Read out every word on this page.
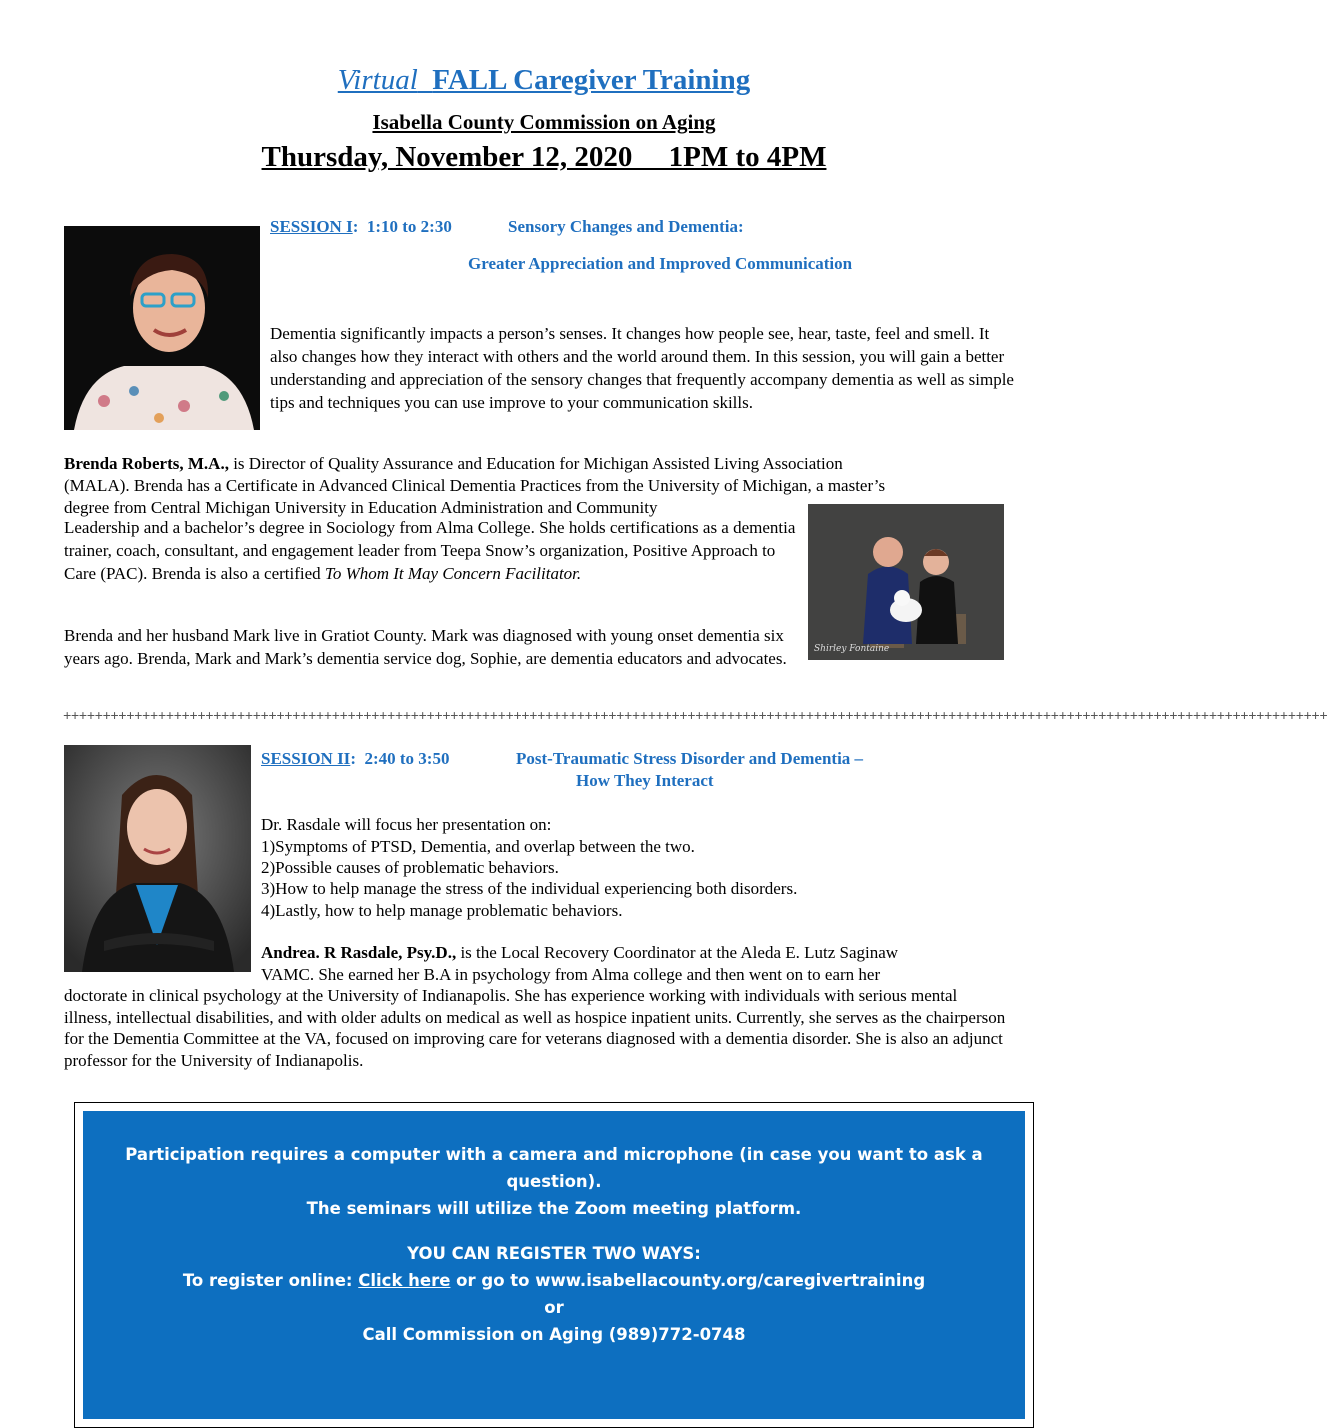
Virtual FALL Caregiver Training
Isabella County Commission on Aging
Thursday, November 12, 2020     1PM to 4PM
SESSION I:  1:10 to 2:30	Sensory Changes and Dementia:
Greater Appreciation and Improved Communication
Dementia significantly impacts a person’s senses. It changes how people see, hear, taste, feel and smell. It also changes how they interact with others and the world around them. In this session, you will gain a better understanding and appreciation of the sensory changes that frequently accompany dementia as well as simple tips and techniques you can use improve to your communication skills.
Brenda Roberts, M.A., is Director of Quality Assurance and Education for Michigan Assisted Living Association
(MALA). Brenda has a Certificate in Advanced Clinical Dementia Practices from the University of Michigan, a master’s
degree from Central Michigan University in Education Administration and Community
Leadership and a bachelor’s degree in Sociology from Alma College. She holds certifications as a dementia trainer, coach, consultant, and engagement leader from Teepa Snow’s organization, Positive Approach to Care (PAC). Brenda is also a certified To Whom It May Concern Facilitator.
Shirley Fontaine
Brenda and her husband Mark live in Gratiot County. Mark was diagnosed with young onset dementia six years ago. Brenda, Mark and Mark’s dementia service dog, Sophie, are dementia educators and advocates.
++++++++++++++++++++++++++++++++++++++++++++++++++++++++++++++++++++++++++++++++++++++++++++++++++++++++++++++++++++++++++++++++++++++++++++++++++++++++++++++++
SESSION II:  2:40 to 3:50	Post-Traumatic Stress Disorder and Dementia –
How They Interact
Dr. Rasdale will focus her presentation on:
1)Symptoms of PTSD, Dementia, and overlap between the two.
2)Possible causes of problematic behaviors.
3)How to help manage the stress of the individual experiencing both disorders.
4)Lastly, how to help manage problematic behaviors.
Andrea. R Rasdale, Psy.D., is the Local Recovery Coordinator at the Aleda E. Lutz Saginaw
VAMC. She earned her B.A in psychology from Alma college and then went on to earn her
doctorate in clinical psychology at the University of Indianapolis. She has experience working with individuals with serious mental illness, intellectual disabilities, and with older adults on medical as well as hospice inpatient units. Currently, she serves as the chairperson for the Dementia Committee at the VA, focused on improving care for veterans diagnosed with a dementia disorder. She is also an adjunct professor for the University of Indianapolis.
Participation requires a computer with a camera and microphone (in case you want to ask a question).
The seminars will utilize the Zoom meeting platform.
YOU CAN REGISTER TWO WAYS:
To register online: Click here or go to www.isabellacounty.org/caregivertraining
or
Call Commission on Aging (989)772-0748
